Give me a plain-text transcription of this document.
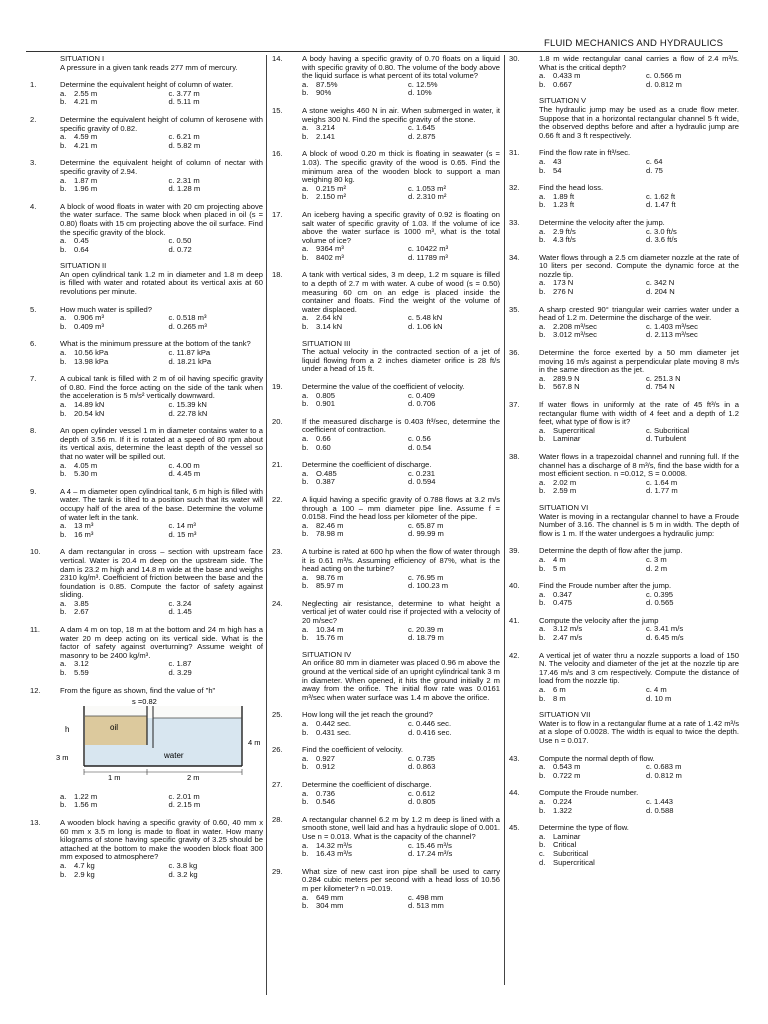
FLUID MECHANICS AND HYDRAULICS
SITUATION I
A pressure in a given tank reads 277 mm of mercury.
1.	Determine the equivalent height of column of water.
a.	2.55 m	c. 3.77 m
b.	4.21 m	d. 5.11 m
2.	Determine the equivalent height of column of kerosene with specific gravity of 0.82.
a.	4.59 m	c. 6.21 m
b.	4.21 m	d. 5.82 m
3.	Determine the equivalent height of column of nectar with specific gravity of 2.94.
a.	1.87 m	c. 2.31 m
b.	1.96 m	d. 1.28 m
4.	A block of wood floats in water with 20 cm projecting above the water surface. The same block when placed in oil (s = 0.80) floats with 15 cm projecting above the oil surface. Find the specific gravity of the block.
a.	0.45	c. 0.50
b.	0.64	d. 0.72
SITUATION II
An open cylindrical tank 1.2 m in diameter and 1.8 m deep is filled with water and rotated about its vertical axis at 60 revolutions per minute.
5.	How much water is spilled?
a.	0.906 m³	c. 0.518 m³
b.	0.409 m³	d. 0.265 m³
6.	What is the minimum pressure at the bottom of the tank?
a.	10.56 kPa	c. 11.87 kPa
b.	13.98 kPa	d. 18.21 kPa
7.	A cubical tank is filled with 2 m of oil having specific gravity of 0.80. Find the force acting on the side of the tank when the acceleration is 5 m/s² vertically downward.
a.	14.89 kN	c. 15.39 kN
b.	20.54 kN	d. 22.78 kN
8.	An open cylinder vessel 1 m in diameter contains water to a depth of 3.56 m. If it is rotated at a speed of 80 rpm about its vertical axis, determine the least depth of the vessel so that no water will be spilled out.
a.	4.05 m	c. 4.00 m
b.	5.30 m	d. 4.45 m
9.	A 4 – m diameter open cylindrical tank, 6 m high is filled with water. The tank is tilted to a position such that its water will occupy half of the area of the base. Determine the volume of water left in the tank.
a.	13 m³	c. 14 m³
b.	16 m³	d. 15 m³
10.	A dam rectangular in cross – section with upstream face vertical. Water is 20.4 m deep on the upstream side. The dam is 23.2 m high and 14.8 m wide at the base and weighs 2310 kg/m³. Coefficient of friction between the base and the foundation is 0.85. Compute the factor of safety against sliding.
a.	3.85	c. 3.24
b.	2.67	d. 1.45
11.	A dam 4 m on top, 18 m at the bottom and 24 m high has a water 20 m deep acting on its vertical side. What is the factor of safety against overturning? Assume weight of masonry to be 2400 kg/m³.
a.	3.12	c. 1.87
b.	5.59	d. 3.29
12.	From the figure as shown, find the value of "h"
s =0.82
oil
water
h
3 m
4 m
1 m	2 m
a.	1.22 m	c. 2.01 m
b.	1.56 m	d. 2.15 m
13.	A wooden block having a specific gravity of 0.60, 40 mm x 60 mm x 3.5 m long is made to float in water. How many kilograms of stone having specific gravity of 3.25 should be attached at the bottom to make the wooden block float 300 mm exposed to atmosphere?
a.	4.7 kg	c. 3.8 kg
b.	2.9 kg	d. 3.2 kg
14.	A body having a specific gravity of 0.70 floats on a liquid with specific gravity of 0.80. The volume of the body above the liquid surface is what percent of its total volume?
a.	87.5%	c. 12.5%
b.	90%	d. 10%
15.	A stone weighs 460 N in air. When submerged in water, it weighs 300 N. Find the specific gravity of the stone.
a.	3.214	c. 1.645
b.	2.141	d. 2.875
16.	A block of wood 0.20 m thick is floating in seawater (s = 1.03). The specific gravity of the wood is 0.65. Find the minimum area of the wooden block to support a man weighing 80 kg.
a.	0.215 m²	c. 1.053 m²
b.	2.150 m²	d. 2.310 m²
17.	An iceberg having a specific gravity of 0.92 is floating on salt water of specific gravity of 1.03. If the volume of ice above the water surface is 1000 m³, what is the total volume of ice?
a.	9364 m³	c. 10422 m³
b.	8402 m³	d. 11789 m³
18.	A tank with vertical sides, 3 m deep, 1.2 m square is filled to a depth of 2.7 m with water. A cube of wood (s = 0.50) measuring 60 cm on an edge is placed inside the container and floats. Find the weight of the volume of water displaced.
a.	2.64 kN	c. 5.48 kN
b.	3.14 kN	d. 1.06 kN
SITUATION III
The actual velocity in the contracted section of a jet of liquid flowing from a 2 inches diameter orifice is 28 ft/s under a head of 15 ft.
19.	Determine the value of the coefficient of velocity.
a.	0.805	c. 0.409
b.	0.901	d. 0.706
20.	If the measured discharge is 0.403 ft³/sec, determine the coefficient of contraction.
a.	0.66	c. 0.56
b.	0.60	d. 0.54
21.	Determine the coefficient of discharge.
a.	O.485	c. 0.231
b.	0.387	d. 0.594
22.	A liquid having a specific gravity of 0.788 flows at 3.2 m/s through a 100 – mm diameter pipe line. Assume f = 0.0158. Find the head loss per kilometer of the pipe.
a.	82.46 m	c. 65.87 m
b.	78.98 m	d. 99.99 m
23.	A turbine is rated at 600 hp when the flow of water through it is 0.61 m³/s. Assuming efficiency of 87%, what is the head acting on the turbine?
a.	98.76 m	c. 76.95 m
b.	85.97 m	d. 100.23 m
24.	Neglecting air resistance, determine to what height a vertical jet of water could rise if projected with a velocity of 20 m/sec?
a.	10.34 m	c. 20.39 m
b.	15.76 m	d. 18.79 m
SITUATION IV
An orifice 80 mm in diameter was placed 0.96 m above the ground at the vertical side of an upright cylindrical tank 3 m in diameter. When opened, it hits the ground initially 2 m away from the orifice. The initial flow rate was 0.0161 m³/sec when water surface was 1.4 m above the orifice.
25.	How long will the jet reach the ground?
a.	0.442 sec.	c. 0.446 sec.
b.	0.431 sec.	d. 0.416 sec.
26.	Find the coefficient of velocity.
a.	0.927	c. 0.735
b.	0.912	d. 0.863
27.	Determine the coefficient of discharge.
a.	0.736	c. 0.612
b.	0.546	d. 0.805
28.	A rectangular channel 6.2 m by 1.2 m deep is lined with a smooth stone, well laid and has a hydraulic slope of 0.001. Use n = 0.013. What is the capacity of the channel?
a.	14.32 m³/s	c. 15.46 m³/s
b.	16.43 m³/s	d. 17.24 m³/s
29.	What size of new cast iron pipe shall be used to carry 0.284 cubic meters per second with a head loss of 10.56 m per kilometer? n =0.019.
a.	649 mm	c. 498 mm
b.	304 mm	d. 513 mm
30.	1.8 m wide rectangular canal carries a flow of 2.4 m³/s. What is the critical depth?
a.	0.433 m	c. 0.566 m
b.	0.667	d. 0.812 m
SITUATION V
The hydraulic jump may be used as a crude flow meter. Suppose that in a horizontal rectangular channel 5 ft wide, the observed depths before and after a hydraulic jump are 0.66 ft and 3 ft respectively.
31.	Find the flow rate in ft³/sec.
a.	43	c. 64
b.	54	d. 75
32.	Find the head loss.
a.	1.89 ft	c. 1.62 ft
b.	1.23 ft	d. 1.47 ft
33.	Determine the velocity after the jump.
a.	2.9 ft/s	c. 3.0 ft/s
b.	4.3 ft/s	d. 3.6 ft/s
34.	Water flows through a 2.5 cm diameter nozzle at the rate of 10 liters per second. Compute the dynamic force at the nozzle tip.
a.	173 N	c. 342 N
b.	276 N	d. 204 N
35.	A sharp crested 90° triangular weir carries water under a head of 1.2 m. Determine the discharge of the weir.
a.	2.208 m³/sec	c. 1.403 m³/sec
b.	3.012 m³/sec	d. 2.113 m³/sec
36.	Determine the force exerted by a 50 mm diameter jet moving 16 m/s against a perpendicular plate moving 8 m/s in the same direction as the jet.
a.	289.9 N	c. 251.3 N
b.	567.8 N	d. 754 N
37.	If water flows in uniformly at the rate of 45 ft³/s in a rectangular flume with width of 4 feet and a depth of 1.2 feet, what type of flow is it?
a.	Supercritical	c. Subcritical
b.	Laminar	d. Turbulent
38.	Water flows in a trapezoidal channel and running full. If the channel has a discharge of 8 m³/s, find the base width for a most efficient section. n =0.012, S = 0.0008.
a.	2.02 m	c. 1.64 m
b.	2.59 m	d. 1.77 m
SITUATION VI
Water is moving in a rectangular channel to have a Froude Number of 3.16. The channel is 5 m in width. The depth of flow is 1 m. If the water undergoes a hydraulic jump:
39.	Determine the depth of flow after the jump.
a.	4 m	c. 3 m
b.	5 m	d. 2 m
40.	Find the Froude number after the jump.
a.	0.347	c. 0.395
b.	0.475	d. 0.565
41.	Compute the velocity after the jump
a.	3.12 m/s	c. 3.41 m/s
b.	2.47 m/s	d. 6.45 m/s
42.	A vertical jet of water thru a nozzle supports a load of 150 N. The velocity and diameter of the jet at the nozzle tip are 17.46 m/s and 3 cm respectively. Compute the distance of load from the nozzle tip.
a.	6 m	c. 4 m
b.	8 m	d. 10 m
SITUATION VII
Water is to flow in a rectangular flume at a rate of 1.42 m³/s at a slope of 0.0028. The width is equal to twice the depth. Use n = 0.017.
43.	Compute the normal depth of flow.
a.	0.543 m	c. 0.683 m
b.	0.722 m	d. 0.812 m
44.	Compute the Froude number.
a.	0.224	c. 1.443
b.	1.322	d. 0.588
45.	Determine the type of flow.
a.	Laminar
b.	Critical
c.	Subcritical
d.	Supercritical
